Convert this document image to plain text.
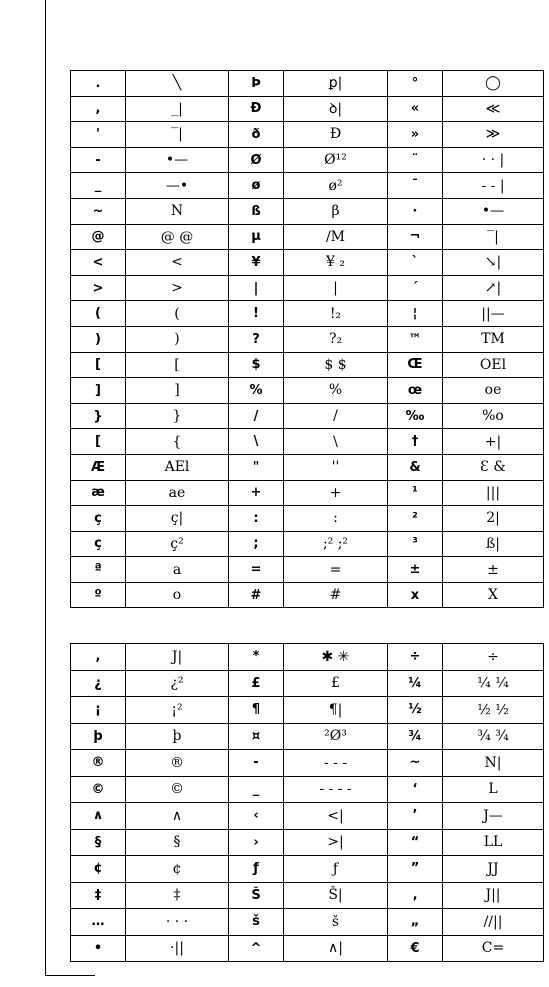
.	╲	Þ	ꝑ|	°	◯
,	_|	Đ	ꝺ|	«	≪
'	‾|	ð	Ð	»	≫
-	•—	Ø	Ø¹²	¨	· · |
_	—•	ø	ø²	¯	- - |
~	N	ß	β	·	•—
@	@ @	µ	/M	¬	‾|
<	<	¥	¥ ₂	`	↘|
>	>	|	|	´	↗|
(	(	!	!₂	¦	||—
)	)	?	?₂	™	TM
[	[	$	$ $	Œ	OEl
]	]	%	%	œ	oe
}	}	/	/	‰	%o
[	{	\	\	†	+|
Æ	AEl	"	''	&	Ɛ &
æ	ae	+	+	¹	|||
ç	ç|	:	:	²	2|
ç	ç²	;	;² ;²	³	ß|
ª	a	=	=	±	±
º	o	#	#	x	X
,	J|	*	✱ ✳	÷	÷
¿	¿²	£	£	¼	¼ ¼
¡	¡²	¶	¶|	½	½ ½
þ	þ	¤	²Ø³	¾	¾ ¾
®	®	-	- - -	~	N|
©	©	_	- - - -	‘	L
∧	∧	‹	<|	’	J—
§	§	›	>|	“	LL
¢	¢	ƒ	ƒ	”	JJ
‡	‡	Š	Š|	‚	J||
…	· · ·	š	š	„	//||
•	·||	^	∧|	€	C=
